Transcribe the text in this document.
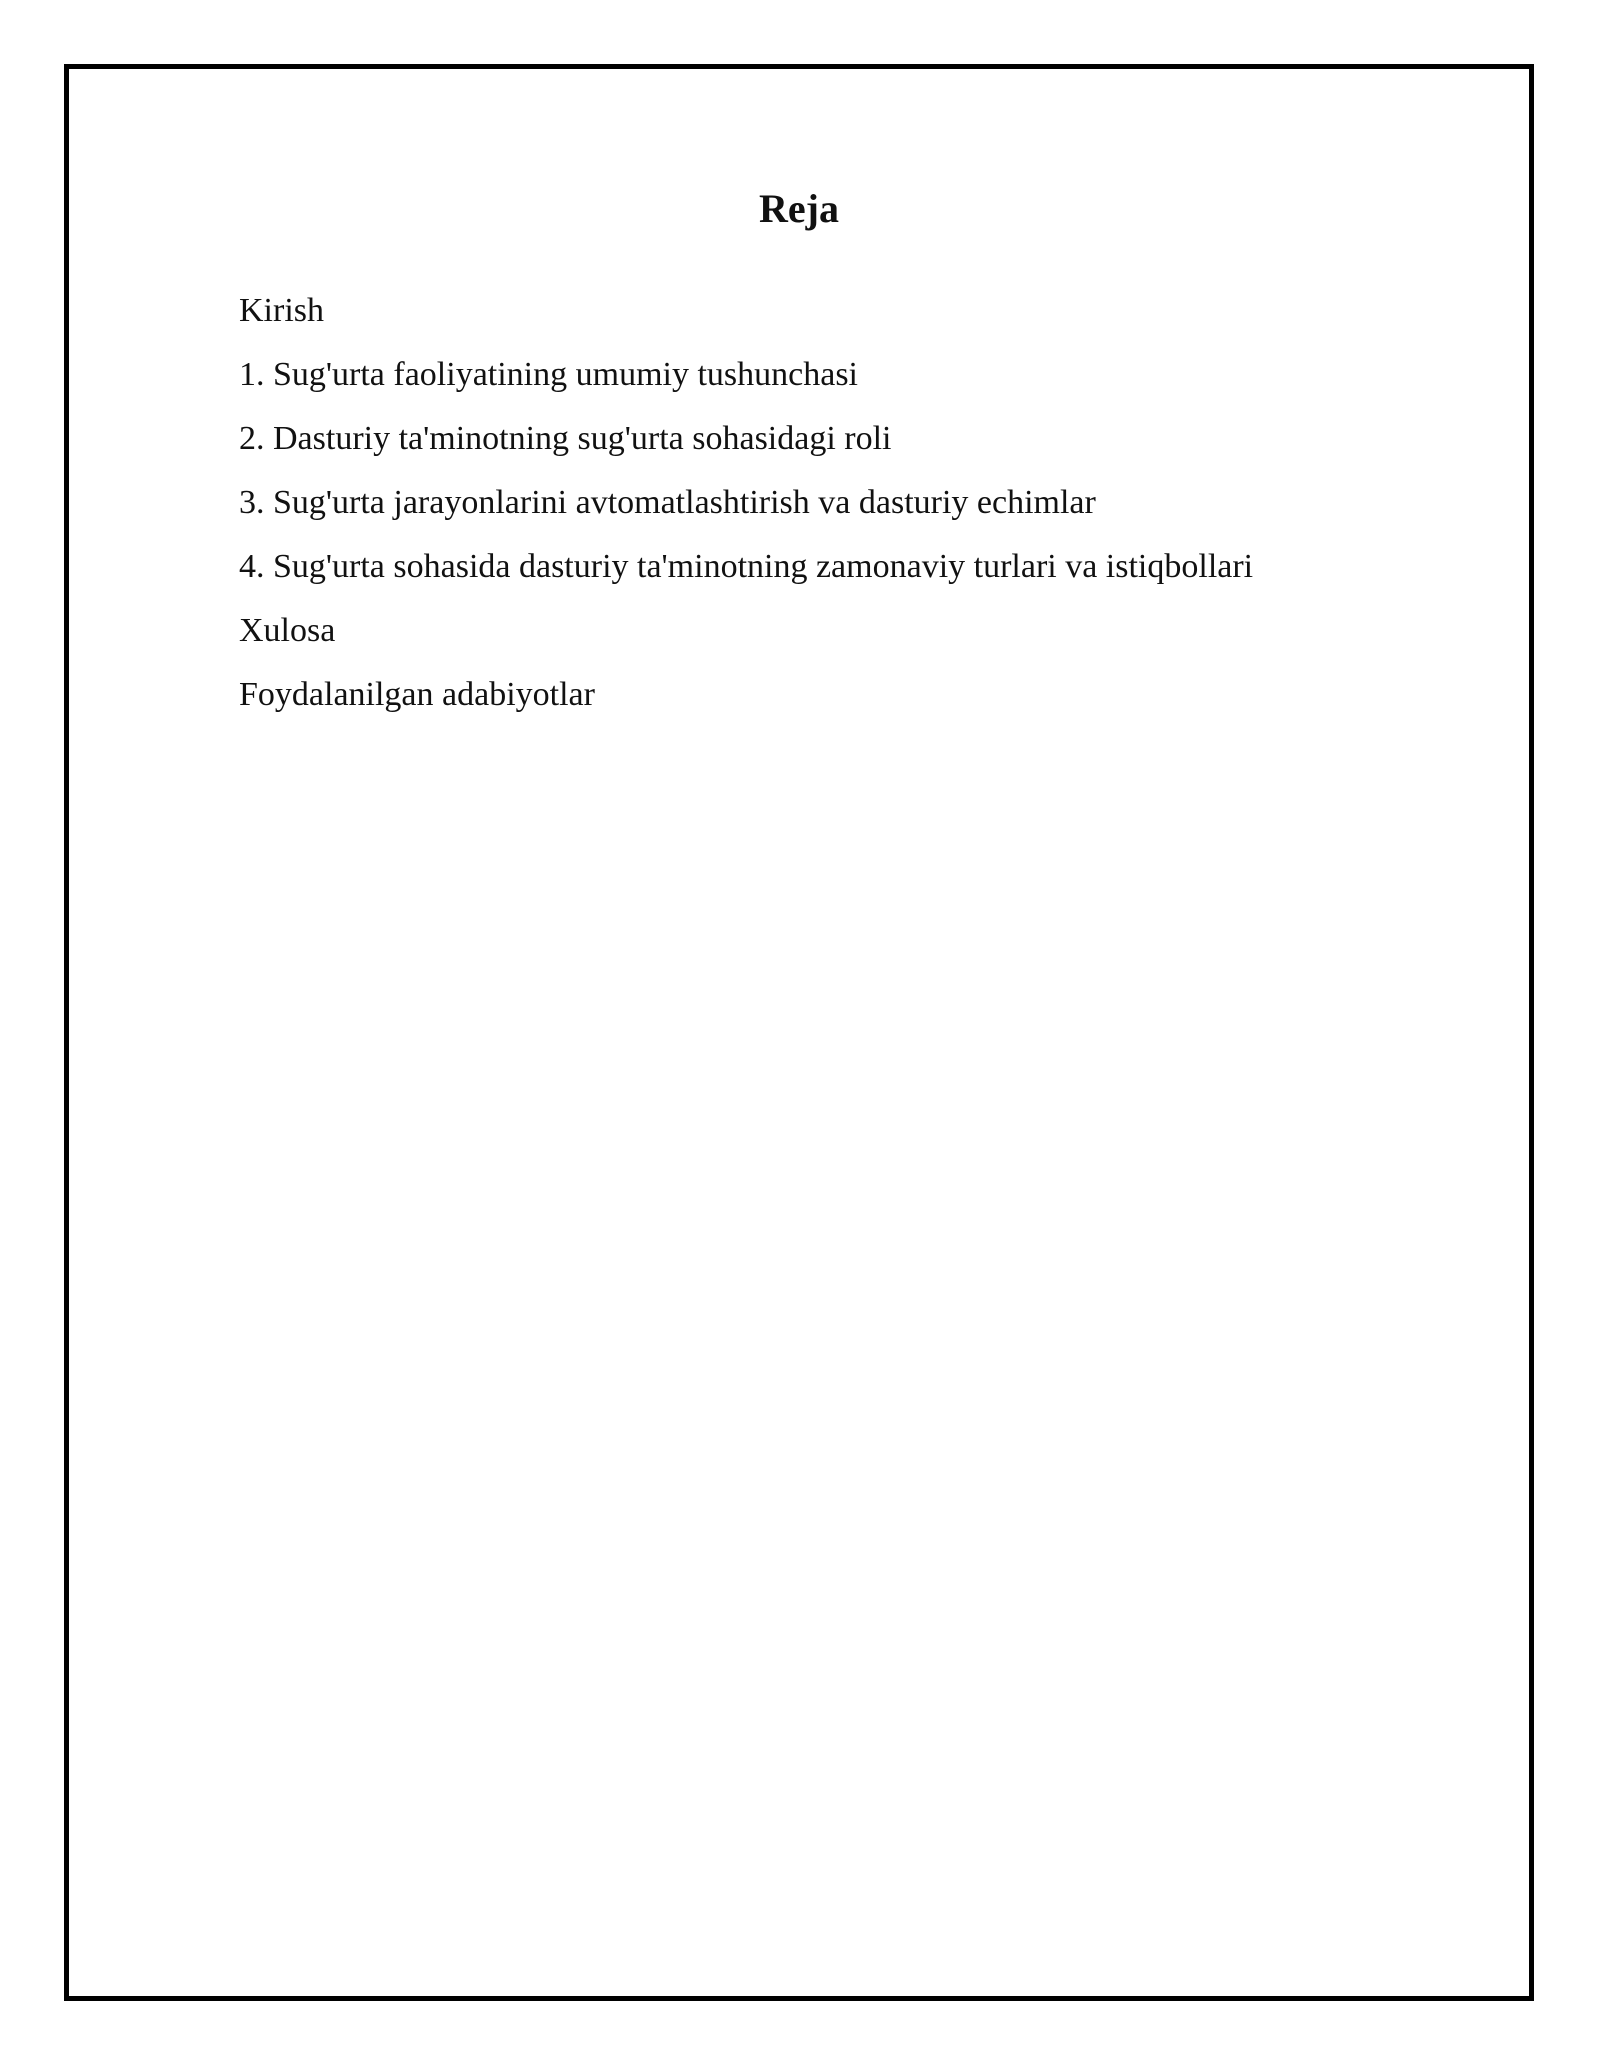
Reja
Kirish
1. Sug'urta faoliyatining umumiy tushunchasi
2. Dasturiy ta'minotning sug'urta sohasidagi roli
3. Sug'urta jarayonlarini avtomatlashtirish va dasturiy echimlar
4. Sug'urta sohasida dasturiy ta'minotning zamonaviy turlari va istiqbollari
Xulosa
Foydalanilgan adabiyotlar
